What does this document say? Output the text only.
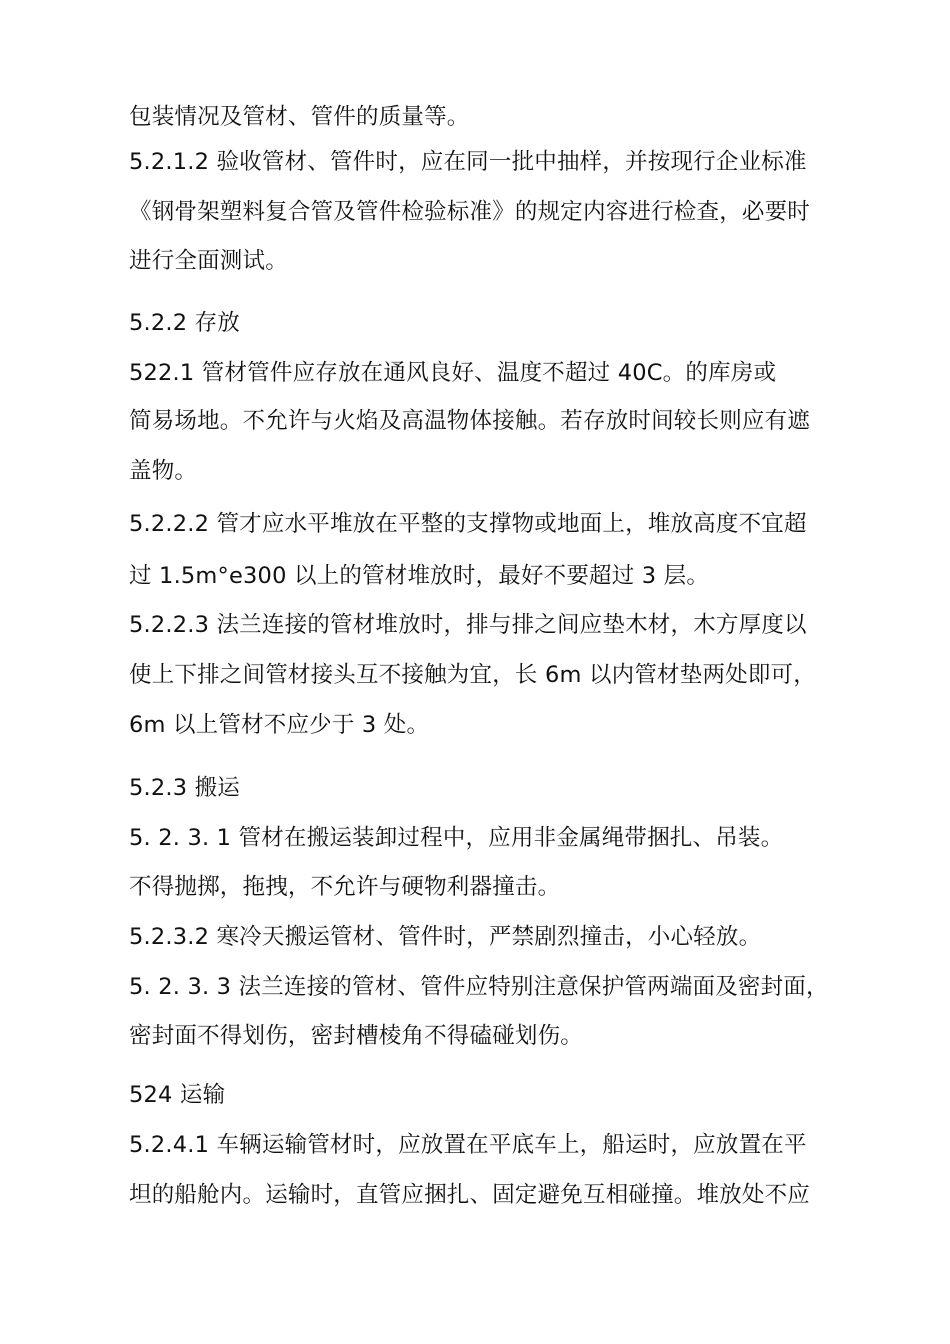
包装情况及管材、管件的质量等。
5.2.1.2 验收管材、管件时，应在同一批中抽样，并按现行企业标准
《钢骨架塑料复合管及管件检验标准》的规定内容进行检查，必要时
进行全面测试。
5.2.2 存放
522.1 管材管件应存放在通风良好、温度不超过 40C。的库房或
简易场地。不允许与火焰及高温物体接触。若存放时间较长则应有遮
盖物。
5.2.2.2 管才应水平堆放在平整的支撑物或地面上，堆放高度不宜超
过 1.5m°e300 以上的管材堆放时，最好不要超过 3 层。
5.2.2.3 法兰连接的管材堆放时，排与排之间应垫木材，木方厚度以
使上下排之间管材接头互不接触为宜，长 6m 以内管材垫两处即可，
6m 以上管材不应少于 3 处。
5.2.3 搬运
5. 2. 3. 1 管材在搬运装卸过程中，应用非金属绳带捆扎、吊装。
不得抛掷，拖拽，不允许与硬物利器撞击。
5.2.3.2 寒冷天搬运管材、管件时，严禁剧烈撞击，小心轻放。
5. 2. 3. 3 法兰连接的管材、管件应特别注意保护管两端面及密封面，
密封面不得划伤，密封槽棱角不得磕碰划伤。
524 运输
5.2.4.1 车辆运输管材时，应放置在平底车上，船运时，应放置在平
坦的船舱内。运输时，直管应捆扎、固定避免互相碰撞。堆放处不应
